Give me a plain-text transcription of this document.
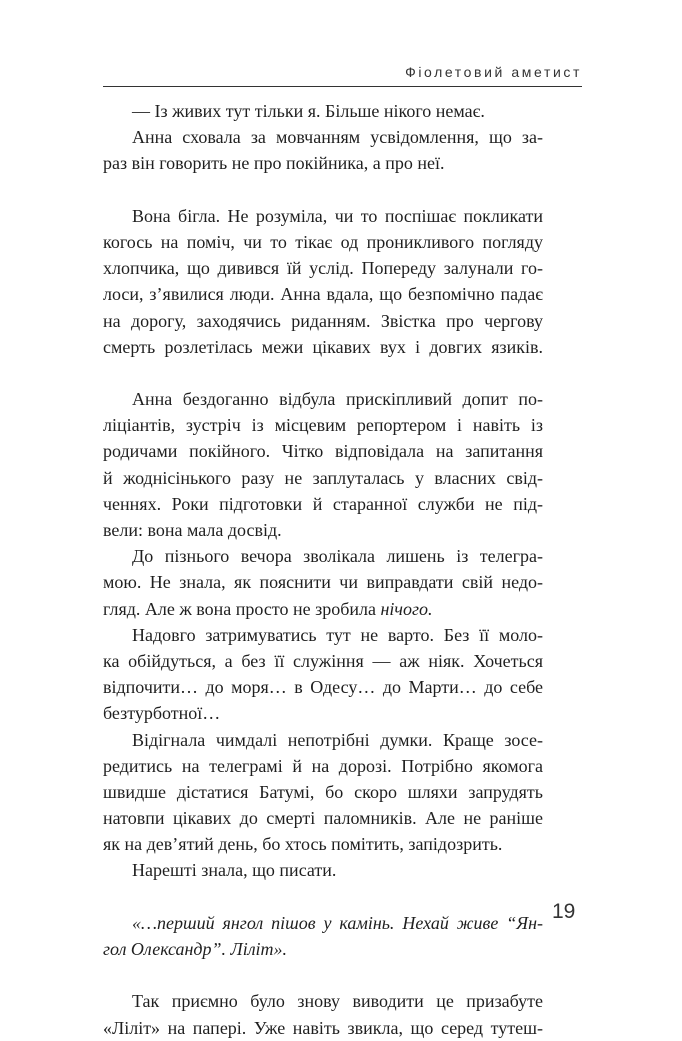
Фіолетовий аметист
— Із живих тут тільки я. Більше нікого немає.
Анна сховала за мовчанням усвідомлення, що за-
раз він говорить не про покійника, а про неї.
Вона бігла. Не розуміла, чи то поспішає покликати
когось на поміч, чи то тікає од проникливого погляду
хлопчика, що дивився їй услід. Попереду залунали го-
лоси, з’явилися люди. Анна вдала, що безпомічно падає
на дорогу, заходячись риданням. Звістка про чергову
смерть розлетілась межи цікавих вух і довгих язиків.
Анна бездоганно відбула прискіпливий допит по-
ліціантів, зустріч із місцевим репортером і навіть із
родичами покійного. Чітко відповідала на запитання
й жоднісінького разу не заплуталась у власних свід-
ченнях. Роки підготовки й старанної служби не під-
вели: вона мала досвід.
До пізнього вечора зволікала лишень із телегра-
мою. Не знала, як пояснити чи виправдати свій недо-
гляд. Але ж вона просто не зробила нічого.
Надовго затримуватись тут не варто. Без її моло-
ка обійдуться, а без її служіння — аж ніяк. Хочеться
відпочити… до моря… в Одесу… до Марти… до себе
безтурботної…
Відігнала чимдалі непотрібні думки. Краще зосе-
редитись на телеграмі й на дорозі. Потрібно якомога
швидше дістатися Батумі, бо скоро шляхи запрудять
натовпи цікавих до смерті паломників. Але не раніше
як на дев’ятий день, бо хтось помітить, запідозрить.
Нарешті знала, що писати.
«…перший янгол пішов у камінь. Нехай живе “Ян-
гол Олександр”. Ліліт».
Так приємно було знову виводити це призабуте
«Ліліт» на папері. Уже навіть звикла, що серед тутеш-
19
